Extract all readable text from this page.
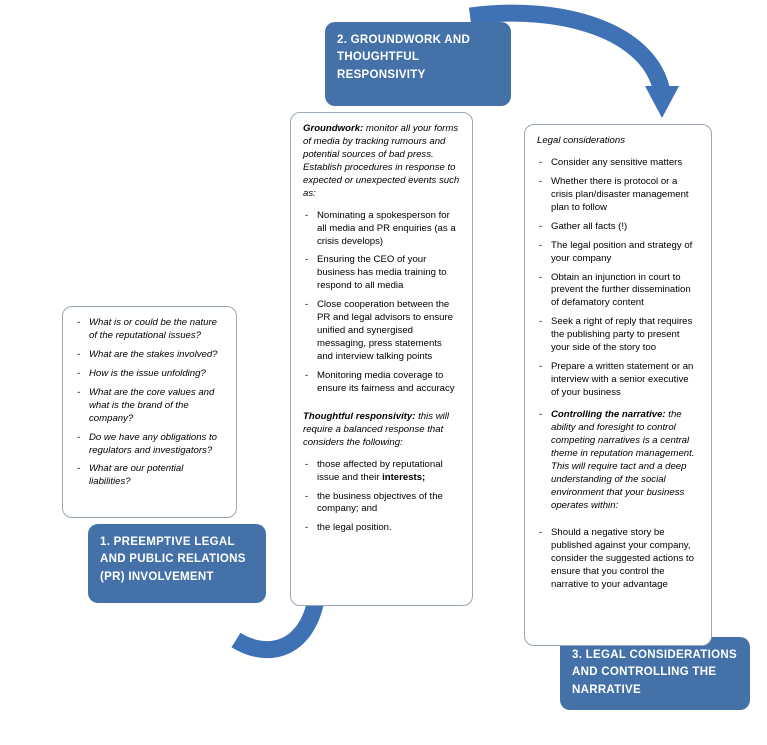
2. GROUNDWORK AND THOUGHTFUL RESPONSIVITY
1. PREEMPTIVE LEGAL AND PUBLIC RELATIONS (PR) INVOLVEMENT
3. LEGAL CONSIDERATIONS AND CONTROLLING THE NARRATIVE
- What is or could be the nature of the reputational issues?
- What are the stakes involved?
- How is the issue unfolding?
- What are the core values and what is the brand of the company?
- Do we have any obligations to regulators and investigators?
- What are our potential liabilities?

Groundwork: monitor all your forms of media by tracking rumours and potential sources of bad press. Establish procedures in response to expected or unexpected events such as:

- Nominating a spokesperson for all media and PR enquiries (as a crisis develops)
- Ensuring the CEO of your business has media training to respond to all media
- Close cooperation between the PR and legal advisors to ensure unified and synergised messaging, press statements and interview talking points
- Monitoring media coverage to ensure its fairness and accuracy

Thoughtful responsivity: this will require a balanced response that considers the following:

- those affected by reputational issue and their interests;
- the business objectives of the company; and
- the legal position.

Legal considerations

- Consider any sensitive matters
- Whether there is protocol or a crisis plan/disaster management plan to follow
- Gather all facts (!)
- The legal position and strategy of your company
- Obtain an injunction in court to prevent the further dissemination of defamatory content
- Seek a right of reply that requires the publishing party to present your side of the story too
- Prepare a written statement or an interview with a senior executive of your business
- Controlling the narrative: the ability and foresight to control competing narratives is a central theme in reputation management. This will require tact and a deep understanding of the social environment that your business operates within:
- Should a negative story be published against your company, consider the suggested actions to ensure that you control the narrative to your advantage
